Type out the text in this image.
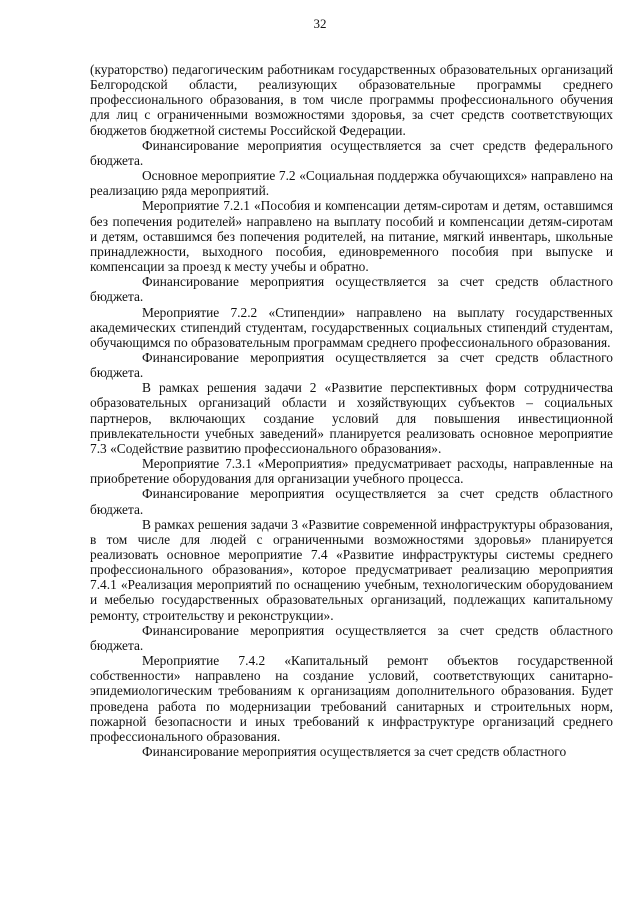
32

(кураторство) педагогическим работникам государственных образовательных организаций Белгородской области, реализующих образовательные программы среднего профессионального образования, в том числе программы профессионального обучения для лиц с ограниченными возможностями здоровья, за счет средств соответствующих бюджетов бюджетной системы Российской Федерации.

Финансирование мероприятия осуществляется за счет средств федерального бюджета.

Основное мероприятие 7.2 «Социальная поддержка обучающихся» направлено на реализацию ряда мероприятий.

Мероприятие 7.2.1 «Пособия и компенсации детям-сиротам и детям, оставшимся без попечения родителей» направлено на выплату пособий и компенсации детям-сиротам и детям, оставшимся без попечения родителей, на питание, мягкий инвентарь, школьные принадлежности, выходного пособия, единовременного пособия при выпуске и компенсации за проезд к месту учебы и обратно.

Финансирование мероприятия осуществляется за счет средств областного бюджета.

Мероприятие 7.2.2 «Стипендии» направлено на выплату государственных академических стипендий студентам, государственных социальных стипендий студентам, обучающимся по образовательным программам среднего профессионального образования.

Финансирование мероприятия осуществляется за счет средств областного бюджета.

В рамках решения задачи 2 «Развитие перспективных форм сотрудничества образовательных организаций области и хозяйствующих субъектов – социальных партнеров, включающих создание условий для повышения инвестиционной привлекательности учебных заведений» планируется реализовать основное мероприятие 7.3 «Содействие развитию профессионального образования».

Мероприятие 7.3.1 «Мероприятия» предусматривает расходы, направленные на приобретение оборудования для организации учебного процесса.

Финансирование мероприятия осуществляется за счет средств областного бюджета.

В рамках решения задачи 3 «Развитие современной инфраструктуры образования, в том числе для людей с ограниченными возможностями здоровья» планируется реализовать основное мероприятие 7.4 «Развитие инфраструктуры системы среднего профессионального образования», которое предусматривает реализацию мероприятия 7.4.1 «Реализация мероприятий по оснащению учебным, технологическим оборудованием и мебелью государственных образовательных организаций, подлежащих капитальному ремонту, строительству и реконструкции».

Финансирование мероприятия осуществляется за счет средств областного бюджета.

Мероприятие 7.4.2 «Капитальный ремонт объектов государственной собственности» направлено на создание условий, соответствующих санитарно-эпидемиологическим требованиям к организациям дополнительного образования. Будет проведена работа по модернизации требований санитарных и строительных норм, пожарной безопасности и иных требований к инфраструктуре организаций среднего профессионального образования.

Финансирование мероприятия осуществляется за счет средств областного
